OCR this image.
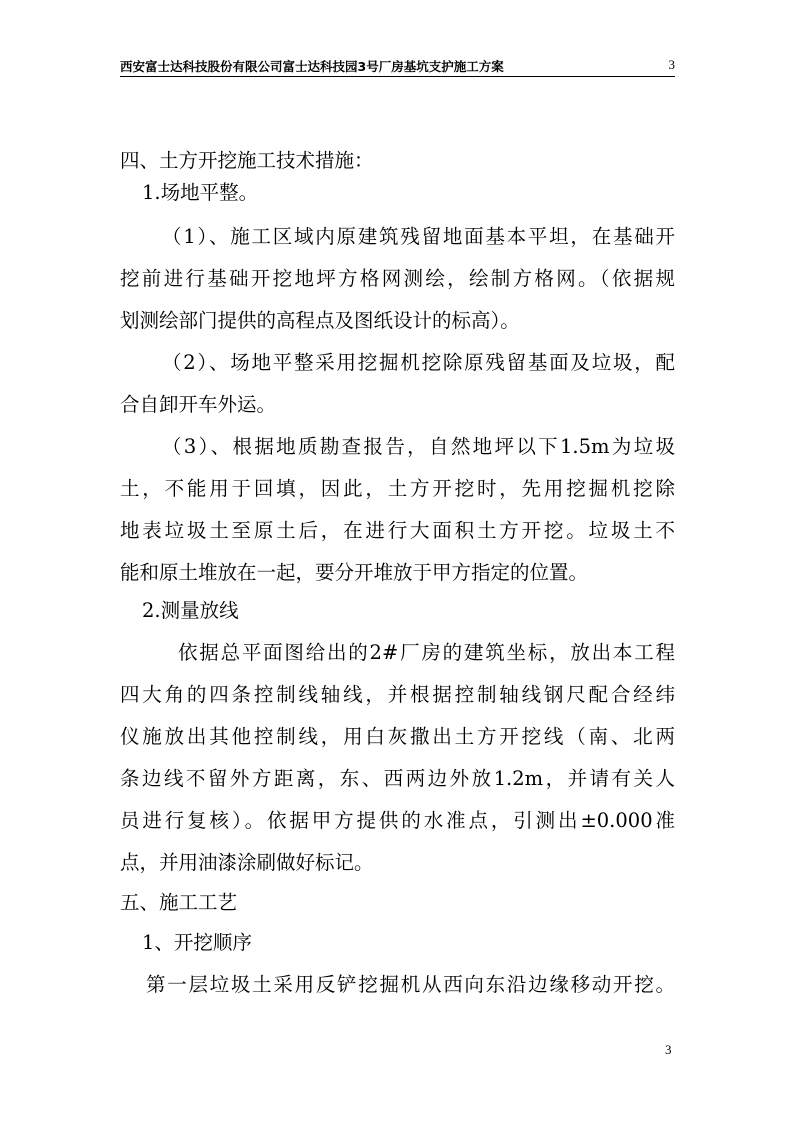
西安富士达科技股份有限公司富士达科技园3号厂房基坑支护施工方案	3
四、土方开挖施工技术措施：
1.场地平整。
（1）、施工区域内原建筑残留地面基本平坦，在基础开
挖前进行基础开挖地坪方格网测绘，绘制方格网。（依据规
划测绘部门提供的高程点及图纸设计的标高）。
（2）、场地平整采用挖掘机挖除原残留基面及垃圾，配
合自卸开车外运。
（3）、根据地质勘查报告，自然地坪以下1.5m为垃圾
土，不能用于回填，因此，土方开挖时，先用挖掘机挖除
地表垃圾土至原土后，在进行大面积土方开挖。垃圾土不
能和原土堆放在一起，要分开堆放于甲方指定的位置。
2.测量放线
依据总平面图给出的2#厂房的建筑坐标，放出本工程
四大角的四条控制线轴线，并根据控制轴线钢尺配合经纬
仪施放出其他控制线，用白灰撒出土方开挖线（南、北两
条边线不留外方距离，东、西两边外放1.2m，并请有关人
员进行复核）。依据甲方提供的水准点，引测出±0.000准
点，并用油漆涂刷做好标记。
五、施工工艺
1、开挖顺序
第一层垃圾土采用反铲挖掘机从西向东沿边缘移动开挖。
3
